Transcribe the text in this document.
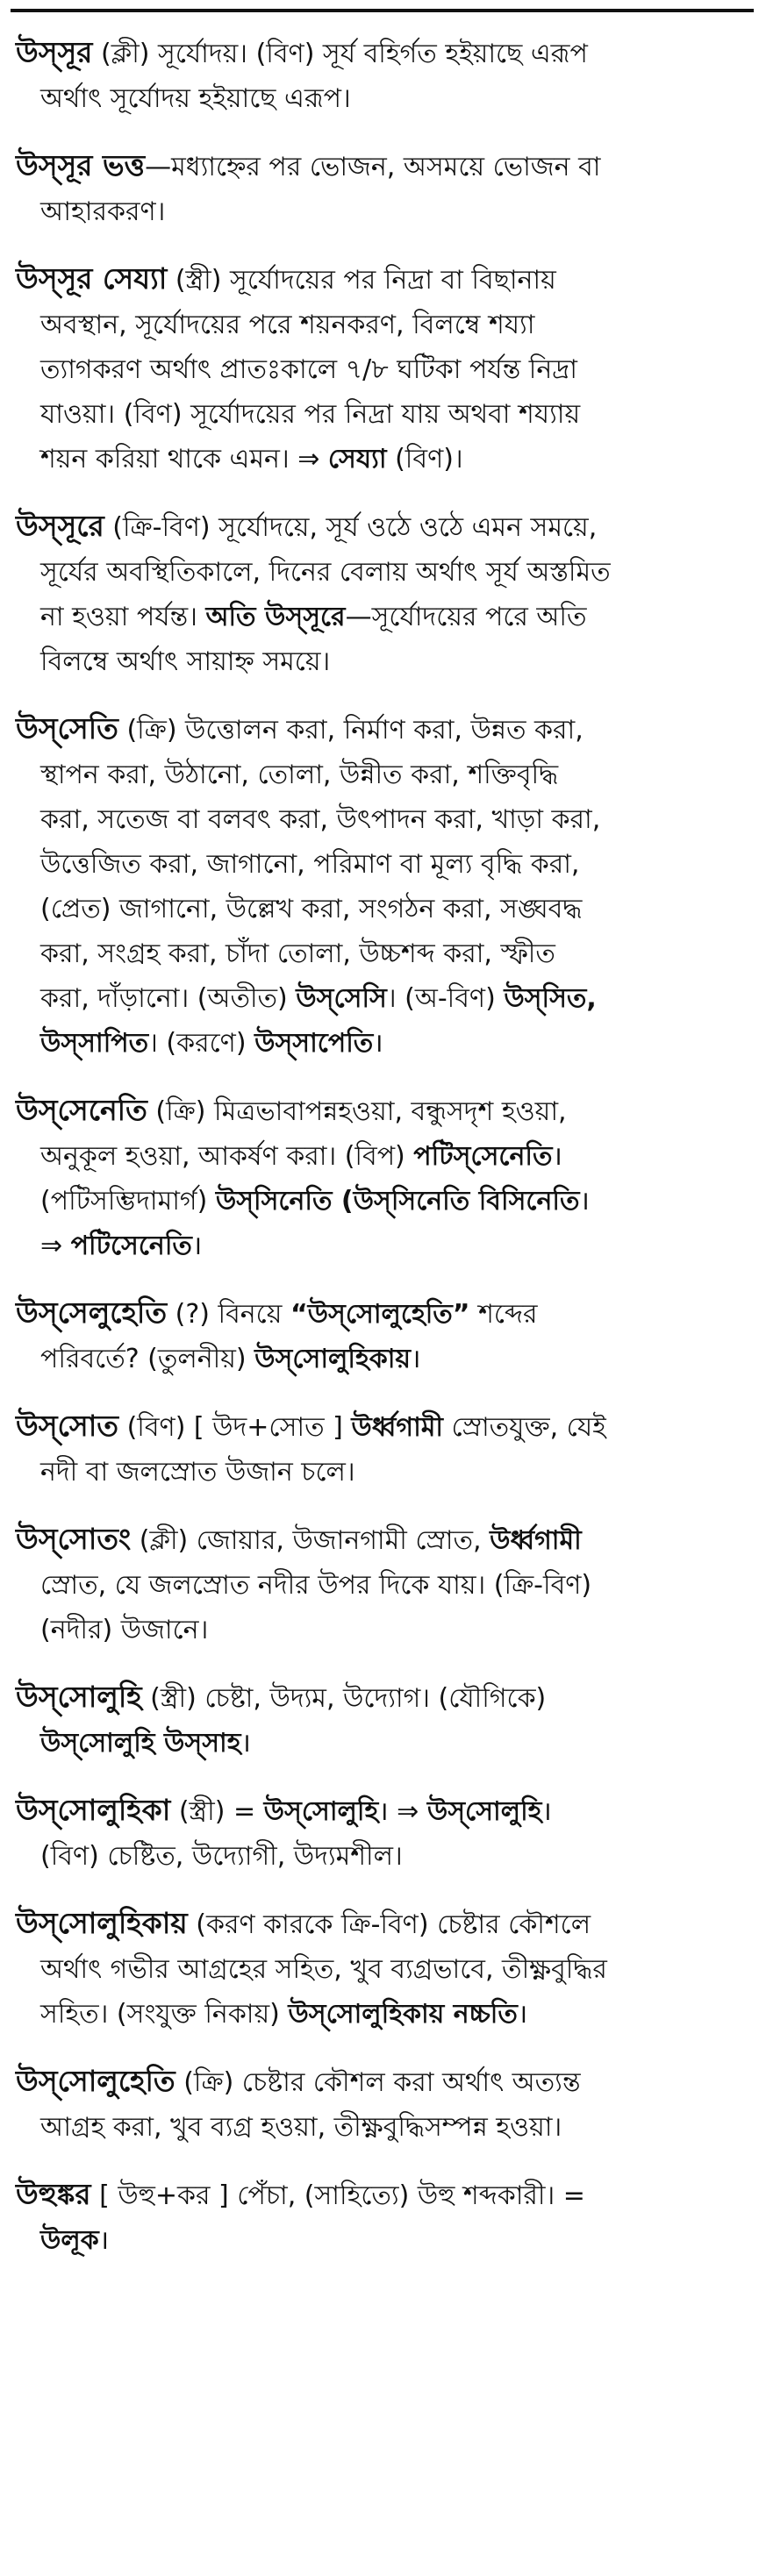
উস্‌সূর (ক্লী) সূর্যোদয়। (বিণ) সূর্য বহির্গত হইয়াছে এরূপ

অর্থাৎ সূর্যোদয় হইয়াছে এরূপ।

উস্‌সূর ভত্ত—মধ্যাহ্নের পর ভোজন, অসময়ে ভোজন বা

আহারকরণ।

উস্‌সূর সেয্যা (স্ত্রী) সূর্যোদয়ের পর নিদ্রা বা বিছানায়

অবস্থান, সূর্যোদয়ের পরে শয়নকরণ, বিলম্বে শয্যা

ত্যাগকরণ অর্থাৎ প্রাতঃকালে ৭/৮ ঘটিকা পর্যন্ত নিদ্রা

যাওয়া। (বিণ) সূর্যোদয়ের পর নিদ্রা যায় অথবা শয্যায়

শয়ন করিয়া থাকে এমন। ⇒ সেয্যা (বিণ)।

উস্‌সূরে (ক্রি-বিণ) সূর্যোদয়ে, সূর্য ওঠে ওঠে এমন সময়ে,

সূর্যের অবস্থিতিকালে, দিনের বেলায় অর্থাৎ সূর্য অস্তমিত

না হওয়া পর্যন্ত। অতি উস্‌সূরে—সূর্যোদয়ের পরে অতি

বিলম্বে অর্থাৎ সায়াহ্ন সময়ে।

উস্‌সেতি (ক্রি) উত্তোলন করা, নির্মাণ করা, উন্নত করা,

স্থাপন করা, উঠানো, তোলা, উন্নীত করা, শক্তিবৃদ্ধি

করা, সতেজ বা বলবৎ করা, উৎপাদন করা, খাড়া করা,

উত্তেজিত করা, জাগানো, পরিমাণ বা মূল্য বৃদ্ধি করা,

(প্রেত) জাগানো, উল্লেখ করা, সংগঠন করা, সঙ্ঘবদ্ধ

করা, সংগ্রহ করা, চাঁদা তোলা, উচ্চশব্দ করা, স্ফীত

করা, দাঁড়ানো। (অতীত) উস্‌সেসি। (অ-বিণ) উস্‌সিত,

উস্‌সাপিত। (করণে) উস্‌সাপেতি।

উস্‌সেনেতি (ক্রি) মিত্রভাবাপন্নহওয়া, বন্ধুসদৃশ হওয়া,

অনুকূল হওয়া, আকর্ষণ করা। (বিপ) পটিস্‌সেনেতি।

(পটিসম্ভিদামার্গ) উস্‌সিনেতি (উস্‌সিনেতি বিসিনেতি।

⇒ পটিসেনেতি।

উস্‌সেলুহেতি (?) বিনয়ে “উস্‌সোলুহেতি” শব্দের

পরিবর্তে? (তুলনীয়) উস্‌সোলুহিকায়।

উস্‌সোত (বিণ) [ উদ+সোত ] উর্ধ্বগামী স্রোতযুক্ত, যেই

নদী বা জলস্রোত উজান চলে।

উস্‌সোতং (ক্লী) জোয়ার, উজানগামী স্রোত, উর্ধ্বগামী

স্রোত, যে জলস্রোত নদীর উপর দিকে যায়। (ক্রি-বিণ)

(নদীর) উজানে।

উস্‌সোলুহি (স্ত্রী) চেষ্টা, উদ্যম, উদ্যোগ। (যৌগিকে)

উস্‌সোলুহি উস্‌সাহ।

উস্‌সোলুহিকা (স্ত্রী) = উস্‌সোলুহি। ⇒ উস্‌সোলুহি।

(বিণ) চেষ্টিত, উদ্যোগী, উদ্যমশীল।

উস্‌সোলুহিকায় (করণ কারকে ক্রি-বিণ) চেষ্টার কৌশলে

অর্থাৎ গভীর আগ্রহের সহিত, খুব ব্যগ্রভাবে, তীক্ষ্ণবুদ্ধির

সহিত। (সংযুক্ত নিকায়) উস্‌সোলুহিকায় নচ্চতি।

উস্‌সোলুহেতি (ক্রি) চেষ্টার কৌশল করা অর্থাৎ অত্যন্ত

আগ্রহ করা, খুব ব্যগ্র হওয়া, তীক্ষ্ণবুদ্ধিসম্পন্ন হওয়া।

উহুঙ্কর [ উহু+কর ] পেঁচা, (সাহিত্যে) উহু শব্দকারী। =

উলূক।
